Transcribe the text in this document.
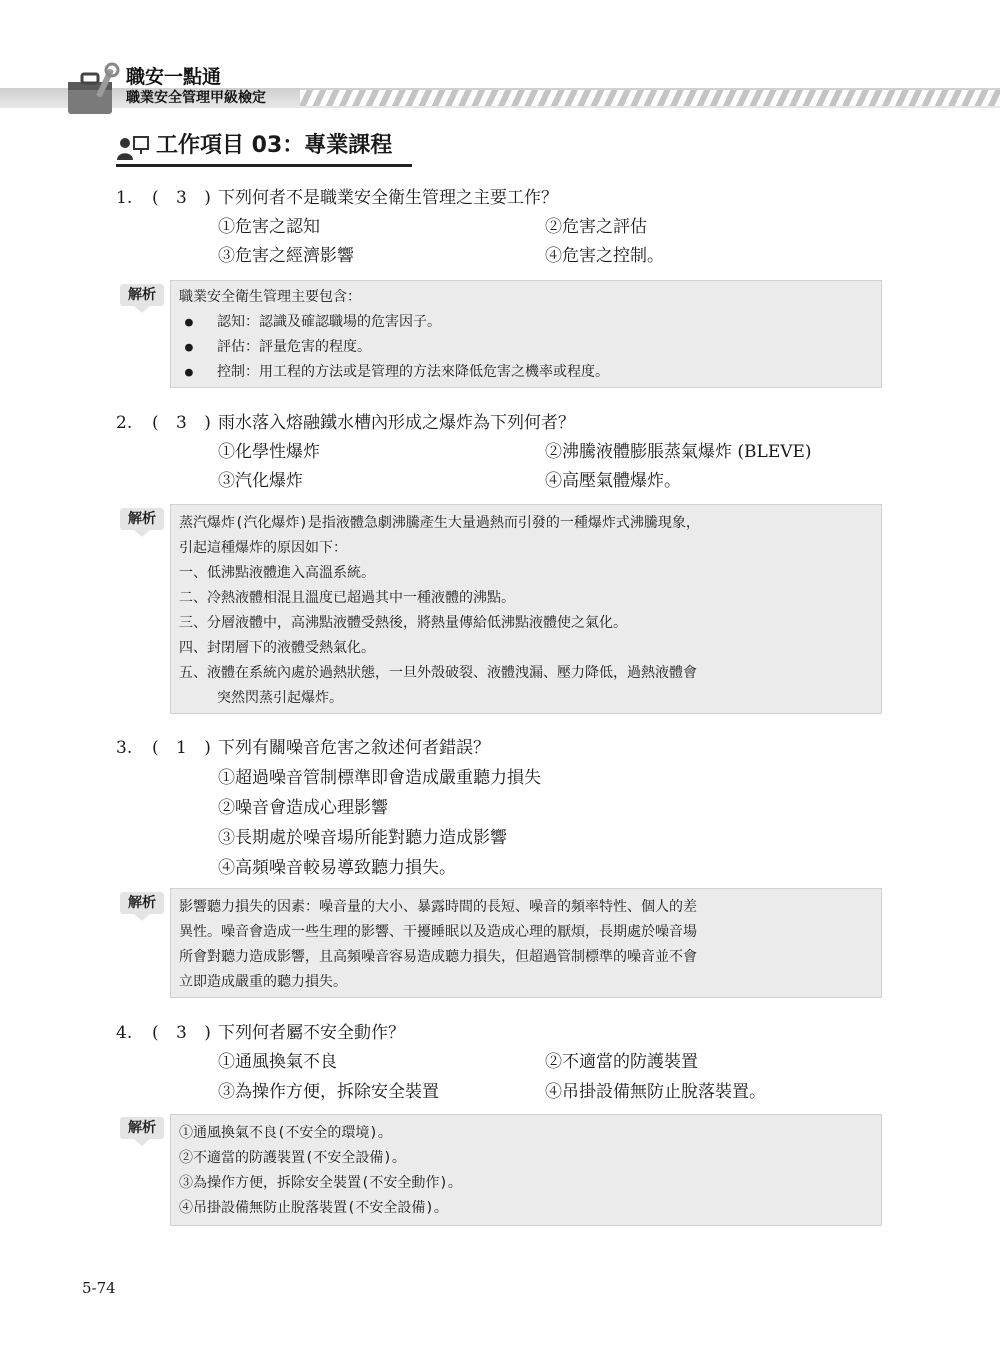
職安一點通
職業安全管理甲級檢定
工作項目 03：專業課程
1. ( 3 ) 下列何者不是職業安全衛生管理之主要工作？
①危害之認知	②危害之評估
③危害之經濟影響	④危害之控制。
解析	職業安全衛生管理主要包含：
● 認知：認識及確認職場的危害因子。
● 評估：評量危害的程度。
● 控制：用工程的方法或是管理的方法來降低危害之機率或程度。
2. ( 3 ) 雨水落入熔融鐵水槽內形成之爆炸為下列何者？
①化學性爆炸	②沸騰液體膨脹蒸氣爆炸 (BLEVE)
③汽化爆炸	④高壓氣體爆炸。
解析	蒸汽爆炸(汽化爆炸)是指液體急劇沸騰產生大量過熱而引發的一種爆炸式沸騰現象，
引起這種爆炸的原因如下：
一、低沸點液體進入高溫系統。
二、冷熱液體相混且溫度已超過其中一種液體的沸點。
三、分層液體中，高沸點液體受熱後，將熱量傳給低沸點液體使之氣化。
四、封閉層下的液體受熱氣化。
五、液體在系統內處於過熱狀態，一旦外殼破裂、液體洩漏、壓力降低，過熱液體會
突然閃蒸引起爆炸。
3. ( 1 ) 下列有關噪音危害之敘述何者錯誤？
①超過噪音管制標準即會造成嚴重聽力損失
②噪音會造成心理影響
③長期處於噪音場所能對聽力造成影響
④高頻噪音較易導致聽力損失。
解析	影響聽力損失的因素：噪音量的大小、暴露時間的長短、噪音的頻率特性、個人的差
異性。噪音會造成一些生理的影響、干擾睡眠以及造成心理的厭煩，長期處於噪音場
所會對聽力造成影響，且高頻噪音容易造成聽力損失，但超過管制標準的噪音並不會
立即造成嚴重的聽力損失。
4. ( 3 ) 下列何者屬不安全動作？
①通風換氣不良	②不適當的防護裝置
③為操作方便，拆除安全裝置	④吊掛設備無防止脫落裝置。
解析	①通風換氣不良(不安全的環境)。
②不適當的防護裝置(不安全設備)。
③為操作方便，拆除安全裝置(不安全動作)。
④吊掛設備無防止脫落裝置(不安全設備)。
5-74
